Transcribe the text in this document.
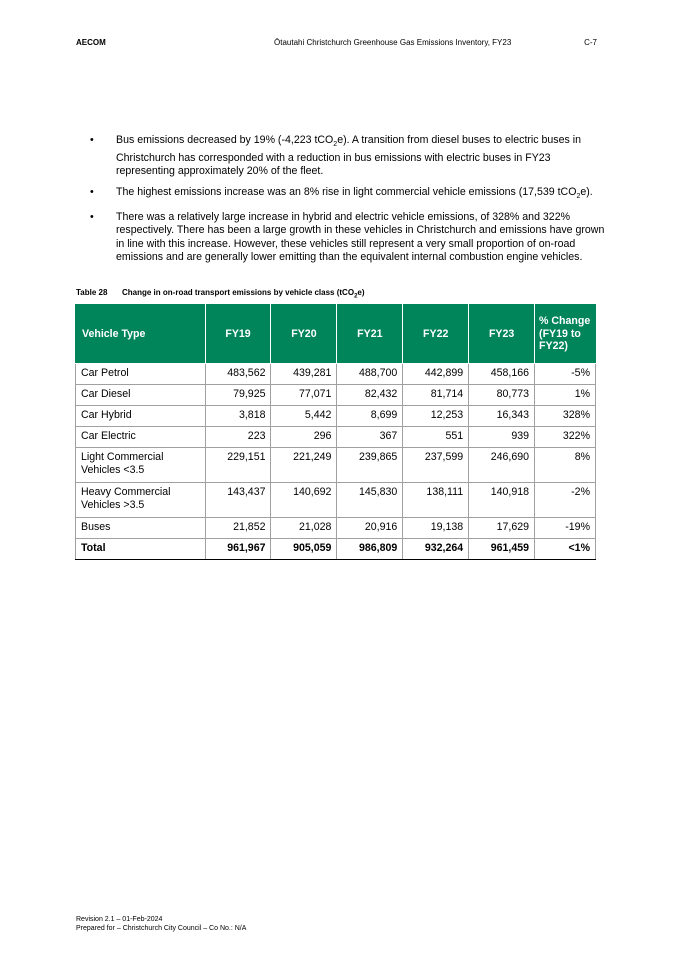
AECOM	Ōtautahi Christchurch Greenhouse Gas Emissions Inventory, FY23	C-7
• Bus emissions decreased by 19% (-4,223 tCO$_2$e). A transition from diesel buses to electric buses in Christchurch has corresponded with a reduction in bus emissions with electric buses in FY23 representing approximately 20% of the fleet.
• The highest emissions increase was an 8% rise in light commercial vehicle emissions (17,539 tCO$_2$e).
• There was a relatively large increase in hybrid and electric vehicle emissions, of 328% and 322% respectively. There has been a large growth in these vehicles in Christchurch and emissions have grown in line with this increase. However, these vehicles still represent a very small proportion of on-road emissions and are generally lower emitting than the equivalent internal combustion engine vehicles.
Table 28 Change in on-road transport emissions by vehicle class (tCO$_2$e)
Vehicle Type	FY19	FY20	FY21	FY22	FY23	% Change (FY19 to FY22)
Car Petrol	483,562	439,281	488,700	442,899	458,166	-5%
Car Diesel	79,925	77,071	82,432	81,714	80,773	1%
Car Hybrid	3,818	5,442	8,699	12,253	16,343	328%
Car Electric	223	296	367	551	939	322%
Light Commercial Vehicles <3.5	229,151	221,249	239,865	237,599	246,690	8%
Heavy Commercial Vehicles >3.5	143,437	140,692	145,830	138,111	140,918	-2%
Buses	21,852	21,028	20,916	19,138	17,629	-19%
Total	961,967	905,059	986,809	932,264	961,459	<1%
Revision 2.1 – 01-Feb-2024
Prepared for – Christchurch City Council – Co No.: N/A
